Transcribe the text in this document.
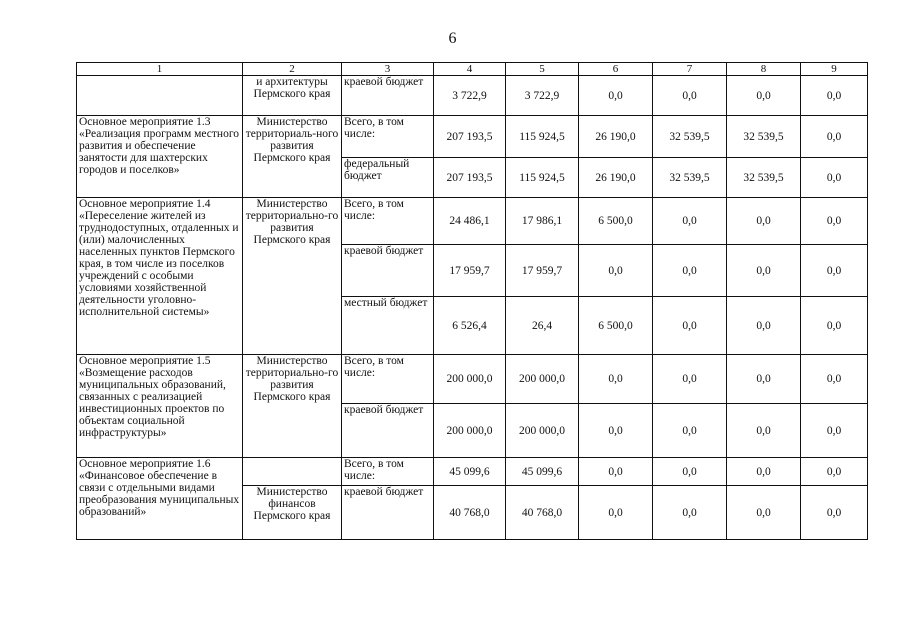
6
1	2	3	4	5	6	7	8	9
	и архитектуры Пермского края	краевой бюджет	3 722,9	3 722,9	0,0	0,0	0,0	0,0
Основное мероприятие 1.3 «Реализация программ местного развития и обеспечение занятости для шахтерских городов и поселков»	Министерство территориаль-ного развития Пермского края	Всего, в том числе:	207 193,5	115 924,5	26 190,0	32 539,5	32 539,5	0,0
		федеральный бюджет	207 193,5	115 924,5	26 190,0	32 539,5	32 539,5	0,0
Основное мероприятие 1.4 «Переселение жителей из труднодоступных, отдаленных и (или) малочисленных населенных пунктов Пермского края, в том числе из поселков учреждений с особыми условиями хозяйственной деятельности уголовно-исполнительной системы»	Министерство территориально-го развития Пермского края	Всего, в том числе:	24 486,1	17 986,1	6 500,0	0,0	0,0	0,0
		краевой бюджет	17 959,7	17 959,7	0,0	0,0	0,0	0,0
		местный бюджет	6 526,4	26,4	6 500,0	0,0	0,0	0,0
Основное мероприятие 1.5 «Возмещение расходов муниципальных образований, связанных с реализацией инвестиционных проектов по объектам социальной инфраструктуры»	Министерство территориально-го развития Пермского края	Всего, в том числе:	200 000,0	200 000,0	0,0	0,0	0,0	0,0
		краевой бюджет	200 000,0	200 000,0	0,0	0,0	0,0	0,0
Основное мероприятие 1.6 «Финансовое обеспечение в связи с отдельными видами преобразования муниципальных образований»		Всего, в том числе:	45 099,6	45 099,6	0,0	0,0	0,0	0,0
	Министерство финансов Пермского края	краевой бюджет	40 768,0	40 768,0	0,0	0,0	0,0	0,0
